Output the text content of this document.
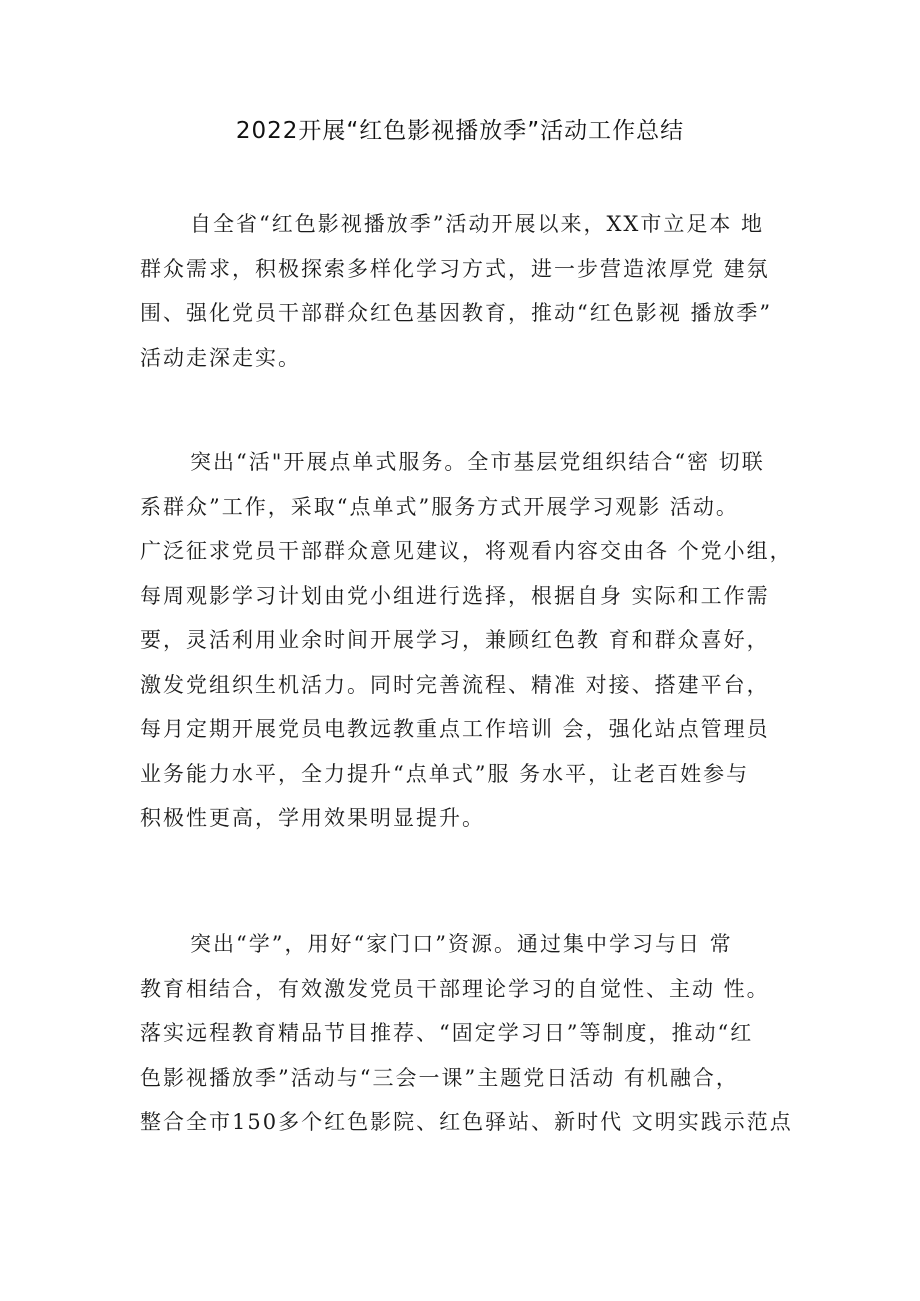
2022开展“红色影视播放季”活动工作总结
自全省“红色影视播放季”活动开展以来，XX市立足本 地
群众需求，积极探索多样化学习方式，进一步营造浓厚党 建氛
围、强化党员干部群众红色基因教育，推动“红色影视 播放季”
活动走深走实。
突出“活"开展点单式服务。全市基层党组织结合“密 切联
系群众”工作，采取“点单式”服务方式开展学习观影 活动。
广泛征求党员干部群众意见建议，将观看内容交由各 个党小组，
每周观影学习计划由党小组进行选择，根据自身 实际和工作需
要，灵活利用业余时间开展学习，兼顾红色教 育和群众喜好，
激发党组织生机活力。同时完善流程、精准 对接、搭建平台，
每月定期开展党员电教远教重点工作培训 会，强化站点管理员
业务能力水平，全力提升“点单式”服 务水平，让老百姓参与
积极性更高，学用效果明显提升。
突出“学”，用好“家门口”资源。通过集中学习与日 常
教育相结合，有效激发党员干部理论学习的自觉性、主动 性。
落实远程教育精品节目推荐、“固定学习日”等制度，推动“红
色影视播放季”活动与“三会一课”主题党日活动 有机融合，
整合全市150多个红色影院、红色驿站、新时代 文明实践示范点
